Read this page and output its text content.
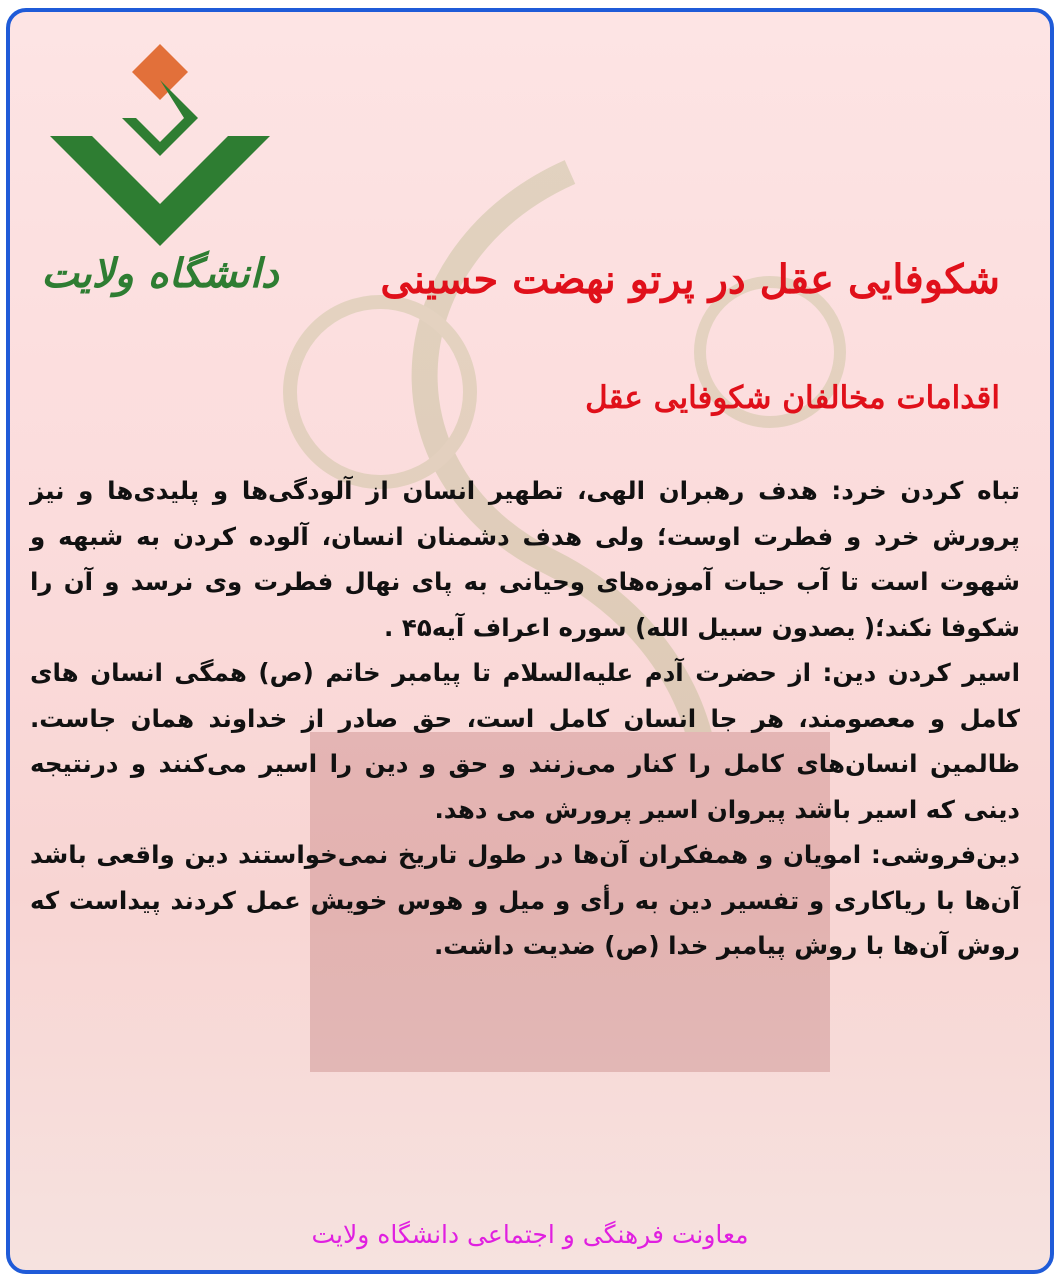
دانشگاه ولایت	شکوفایی عقل در پرتو نهضت حسینی
اقدامات مخالفان شکوفایی عقل

تباه کردن خرد: هدف رهبران الهی، تطهیر انسان از آلودگی‌ها و پلیدی‌ها و نیز پرورش خرد و فطرت اوست؛ ولی هدف دشمنان انسان، آلوده کردن به شبهه و شهوت است تا آب حیات آموزه‌های وحیانی به پای نهال فطرت وی نرسد و آن را شکوفا نکند؛( یصدون سبیل الله) سوره اعراف آیه۴۵ .

اسیر کردن دین: از حضرت آدم علیه‌السلام تا پیامبر خاتم (ص) همگی انسان های کامل و معصومند، هر جا انسان کامل است، حق صادر از خداوند همان جاست. ظالمین انسان‌های کامل را کنار می‌زنند و حق و دین را اسیر می‌کنند و درنتیجه دینی که اسیر باشد پیروان اسیر پرورش می دهد.

دین‌فروشی: امویان و همفکران آن‌ها در طول تاریخ نمی‌خواستند دین واقعی باشد آن‌ها با ریاکاری و تفسیر دین به رأی و میل و هوس خویش عمل کردند پیداست که روش آن‌ها با روش پیامبر خدا (ص) ضدیت داشت.

معاونت فرهنگی و اجتماعی دانشگاه ولایت
